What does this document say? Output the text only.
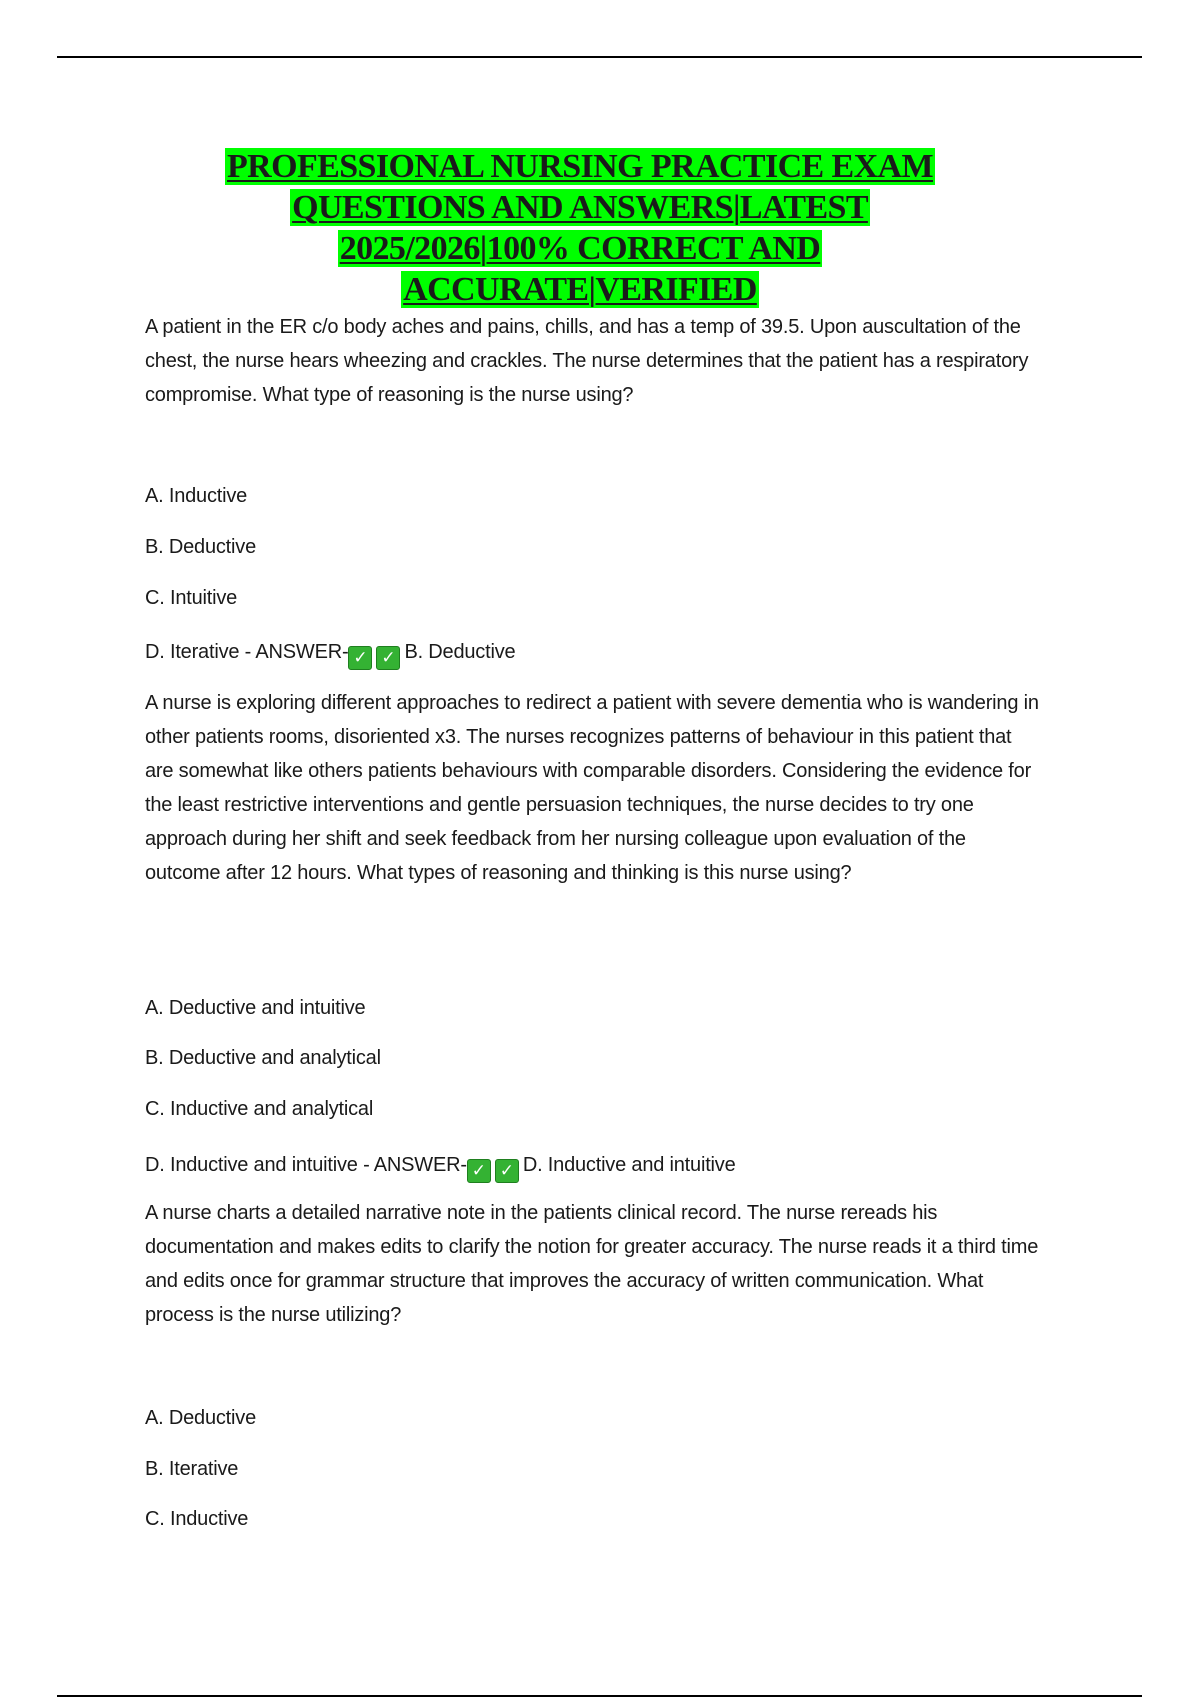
PROFESSIONAL NURSING PRACTICE EXAM
QUESTIONS AND ANSWERS|LATEST
2025/2026|100% CORRECT AND
ACCURATE|VERIFIED

A patient in the ER c/o body aches and pains, chills, and has a temp of 39.5. Upon auscultation of the chest, the nurse hears wheezing and crackles. The nurse determines that the patient has a respiratory compromise. What type of reasoning is the nurse using?

A. Inductive

B. Deductive

C. Intuitive

D. Iterative - ANSWER- ✓ ✓ B. Deductive

A nurse is exploring different approaches to redirect a patient with severe dementia who is wandering in other patients rooms, disoriented x3. The nurses recognizes patterns of behaviour in this patient that are somewhat like others patients behaviours with comparable disorders. Considering the evidence for the least restrictive interventions and gentle persuasion techniques, the nurse decides to try one approach during her shift and seek feedback from her nursing colleague upon evaluation of the outcome after 12 hours. What types of reasoning and thinking is this nurse using?

A. Deductive and intuitive

B. Deductive and analytical

C. Inductive and analytical

D. Inductive and intuitive - ANSWER- ✓ ✓ D. Inductive and intuitive

A nurse charts a detailed narrative note in the patients clinical record. The nurse rereads his documentation and makes edits to clarify the notion for greater accuracy. The nurse reads it a third time and edits once for grammar structure that improves the accuracy of written communication. What process is the nurse utilizing?

A. Deductive

B. Iterative

C. Inductive
